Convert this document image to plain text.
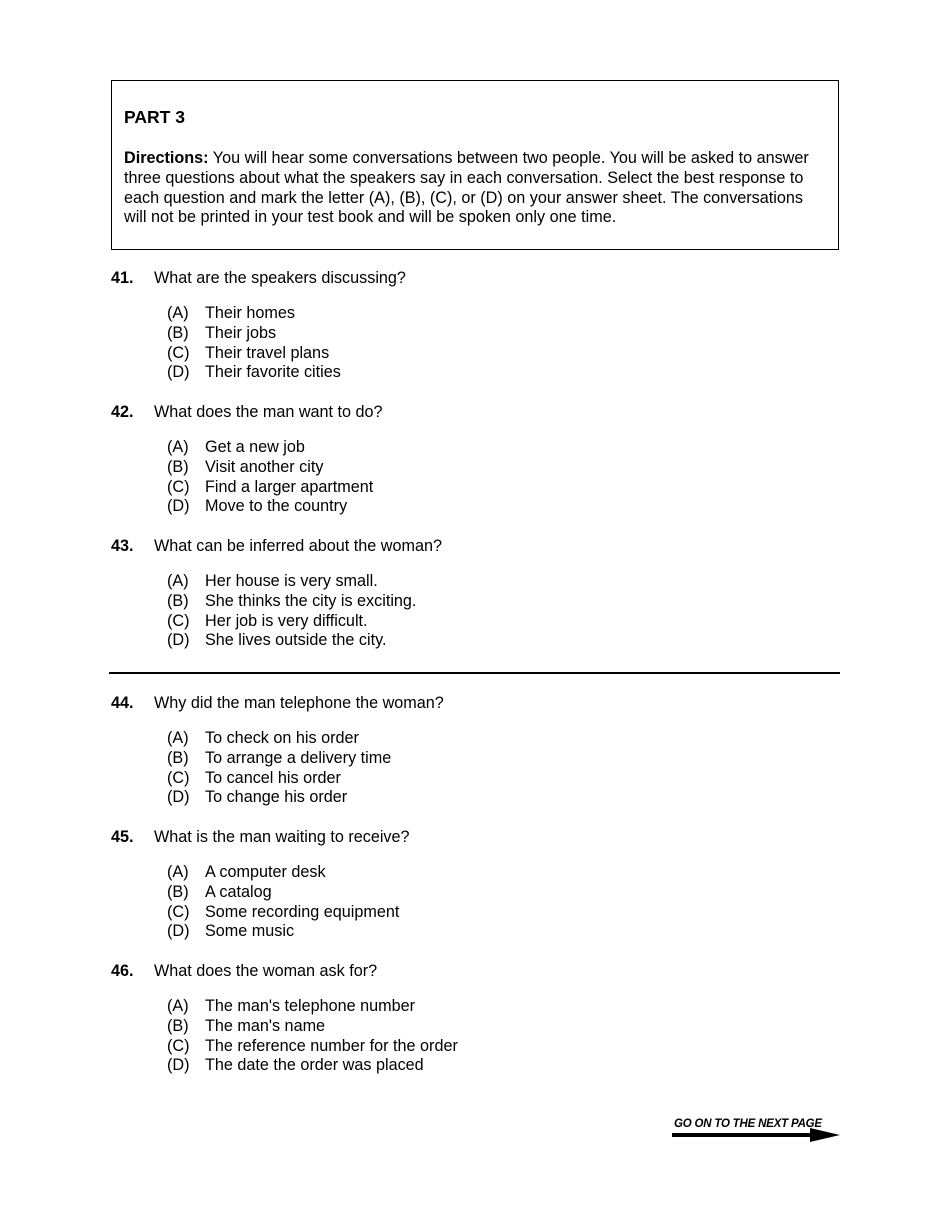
PART 3

Directions: You will hear some conversations between two people. You will be asked to answer three questions about what the speakers say in each conversation. Select the best response to each question and mark the letter (A), (B), (C), or (D) on your answer sheet. The conversations will not be printed in your test book and will be spoken only one time.

41.	What are the speakers discussing?
(A)	Their homes
(B)	Their jobs
(C) Their travel plans
(D) Their favorite cities
42.	What does the man want to do?
(A)	Get a new job
(B)	Visit another city
(C) Find a larger apartment
(D) Move to the country
43.	What can be inferred about the woman?
(A)	Her house is very small.
(B)	She thinks the city is exciting.
(C) Her job is very difficult.
(D) She lives outside the city.
44.	Why did the man telephone the woman?
(A)	To check on his order
(B)	To arrange a delivery time
(C) To cancel his order
(D) To change his order
45.	What is the man waiting to receive?
(A)	A computer desk
(B)	A catalog
(C) Some recording equipment
(D) Some music
46.	What does the woman ask for?
(A)	The man's telephone number
(B)	The man's name
(C) The reference number for the order
(D) The date the order was placed
GO ON TO THE NEXT PAGE
